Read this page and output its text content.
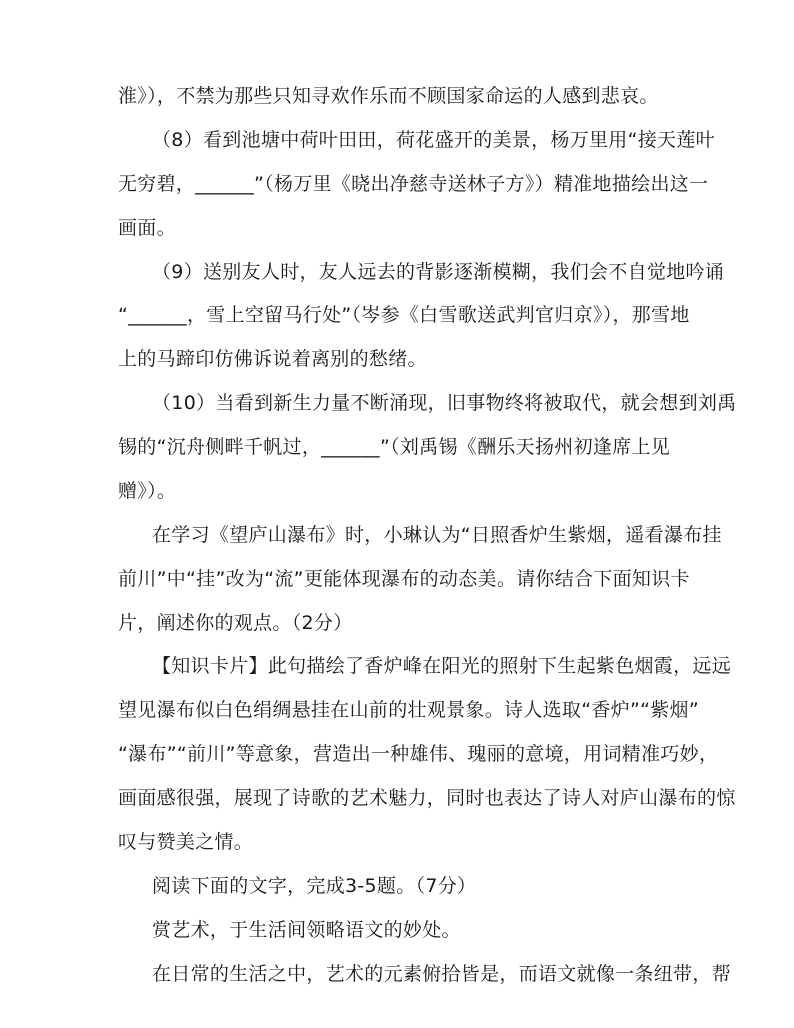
淮》），不禁为那些只知寻欢作乐而不顾国家命运的人感到悲哀。
（8）看到池塘中荷叶田田，荷花盛开的美景，杨万里用“接天莲叶
无穷碧，______”（杨万里《晓出净慈寺送林子方》）精准地描绘出这一
画面。
（9）送别友人时，友人远去的背影逐渐模糊，我们会不自觉地吟诵
“______，雪上空留马行处”（岑参《白雪歌送武判官归京》），那雪地
上的马蹄印仿佛诉说着离别的愁绪。
（10）当看到新生力量不断涌现，旧事物终将被取代，就会想到刘禹
锡的“沉舟侧畔千帆过，______”（刘禹锡《酬乐天扬州初逢席上见
赠》）。
在学习《望庐山瀑布》时，小琳认为“日照香炉生紫烟，遥看瀑布挂
前川”中“挂”改为“流”更能体现瀑布的动态美。请你结合下面知识卡
片，阐述你的观点。（2分）
【知识卡片】此句描绘了香炉峰在阳光的照射下生起紫色烟霞，远远
望见瀑布似白色绢绸悬挂在山前的壮观景象。诗人选取“香炉”“紫烟”
“瀑布”“前川”等意象，营造出一种雄伟、瑰丽的意境，用词精准巧妙，
画面感很强，展现了诗歌的艺术魅力，同时也表达了诗人对庐山瀑布的惊
叹与赞美之情。
阅读下面的文字，完成3-5题。（7分）
赏艺术，于生活间领略语文的妙处。
在日常的生活之中，艺术的元素俯拾皆是，而语文就像一条纽带，帮
